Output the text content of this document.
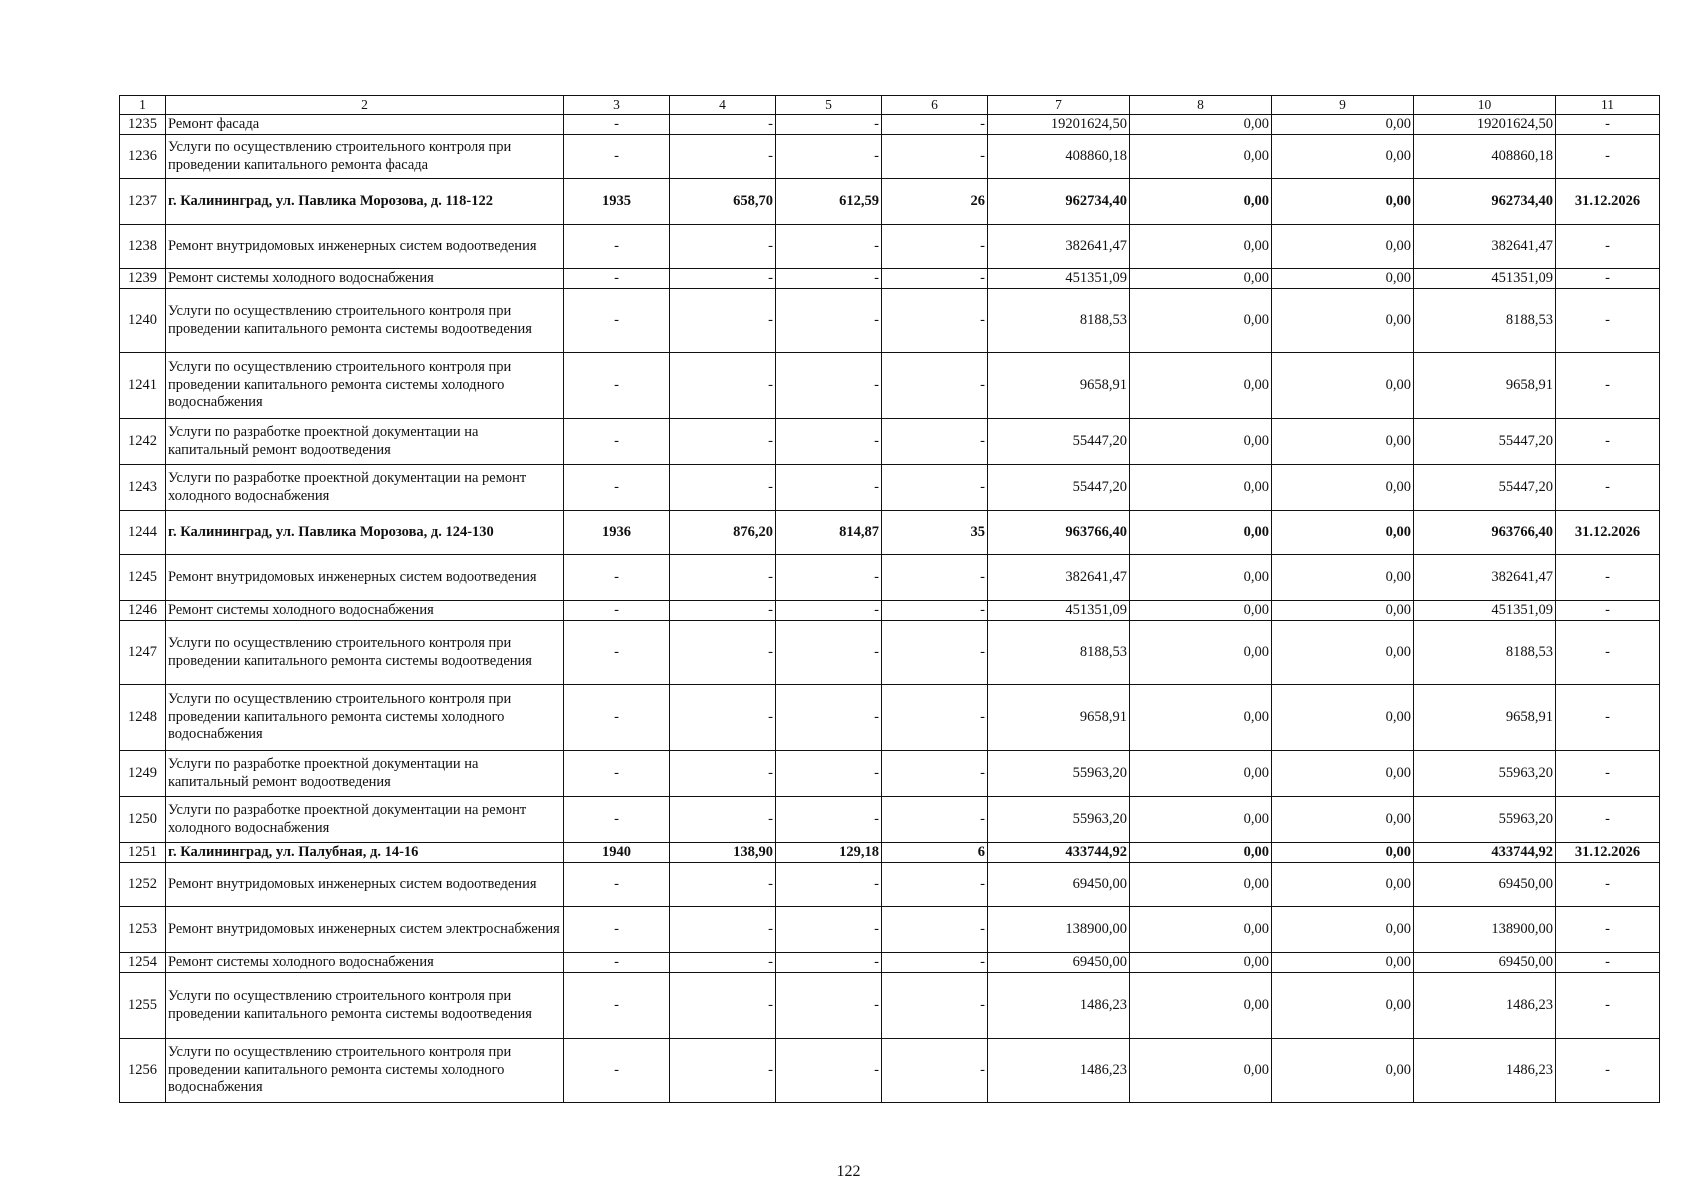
1	2	3	4	5	6	7	8	9	10	11
1235	Ремонт фасада	-	-	-	-	19201624,50	0,00	0,00	19201624,50	-
1236	Услуги по осуществлению строительного контроля при проведении капитального ремонта фасада	-	-	-	-	408860,18	0,00	0,00	408860,18	-
1237	г. Калининград, ул. Павлика Морозова, д. 118-122	1935	658,70	612,59	26	962734,40	0,00	0,00	962734,40	31.12.2026
1238	Ремонт внутридомовых инженерных систем водоотведения	-	-	-	-	382641,47	0,00	0,00	382641,47	-
1239	Ремонт системы холодного водоснабжения	-	-	-	-	451351,09	0,00	0,00	451351,09	-
1240	Услуги по осуществлению строительного контроля при проведении капитального ремонта системы водоотведения	-	-	-	-	8188,53	0,00	0,00	8188,53	-
1241	Услуги по осуществлению строительного контроля при проведении капитального ремонта системы холодного водоснабжения	-	-	-	-	9658,91	0,00	0,00	9658,91	-
1242	Услуги по разработке проектной документации на капитальный ремонт водоотведения	-	-	-	-	55447,20	0,00	0,00	55447,20	-
1243	Услуги по разработке проектной документации на ремонт холодного водоснабжения	-	-	-	-	55447,20	0,00	0,00	55447,20	-
1244	г. Калининград, ул. Павлика Морозова, д. 124-130	1936	876,20	814,87	35	963766,40	0,00	0,00	963766,40	31.12.2026
1245	Ремонт внутридомовых инженерных систем водоотведения	-	-	-	-	382641,47	0,00	0,00	382641,47	-
1246	Ремонт системы холодного водоснабжения	-	-	-	-	451351,09	0,00	0,00	451351,09	-
1247	Услуги по осуществлению строительного контроля при проведении капитального ремонта системы водоотведения	-	-	-	-	8188,53	0,00	0,00	8188,53	-
1248	Услуги по осуществлению строительного контроля при проведении капитального ремонта системы холодного водоснабжения	-	-	-	-	9658,91	0,00	0,00	9658,91	-
1249	Услуги по разработке проектной документации на капитальный ремонт водоотведения	-	-	-	-	55963,20	0,00	0,00	55963,20	-
1250	Услуги по разработке проектной документации на ремонт холодного водоснабжения	-	-	-	-	55963,20	0,00	0,00	55963,20	-
1251	г. Калининград, ул. Палубная, д. 14-16	1940	138,90	129,18	6	433744,92	0,00	0,00	433744,92	31.12.2026
1252	Ремонт внутридомовых инженерных систем водоотведения	-	-	-	-	69450,00	0,00	0,00	69450,00	-
1253	Ремонт внутридомовых инженерных систем электроснабжения	-	-	-	-	138900,00	0,00	0,00	138900,00	-
1254	Ремонт системы холодного водоснабжения	-	-	-	-	69450,00	0,00	0,00	69450,00	-
1255	Услуги по осуществлению строительного контроля при проведении капитального ремонта системы водоотведения	-	-	-	-	1486,23	0,00	0,00	1486,23	-
1256	Услуги по осуществлению строительного контроля при проведении капитального ремонта системы холодного водоснабжения	-	-	-	-	1486,23	0,00	0,00	1486,23	-
122
